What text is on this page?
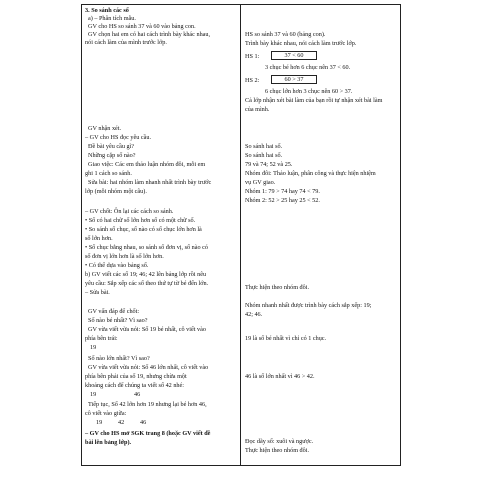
3. So sánh các số
a) – Phân tích mẫu.
GV cho HS so sánh 37 và 60 vào bảng con.
GV chọn hai em có hai cách trình bày khác nhau,
nói cách làm của mình trước lớp.
GV nhận xét.
– GV cho HS đọc yêu cầu.
Đề bài yêu cầu gì?
Những cặp số nào?
Giao việc: Các em thảo luận nhóm đôi, mỗi em
ghi 1 cách so sánh.
Sửa bài: hai nhóm làm nhanh nhất trình bày trước
lớp (mỗi nhóm một câu).
– GV chốt: Ôn lại các cách so sánh.
• Số có hai chữ số lớn hơn số có một chữ số.
• So sánh số chục, số nào có số chục lớn hơn là
số lớn hơn.
• Số chục bằng nhau, so sánh số đơn vị, số nào có
số đơn vị lớn hơn là số lớn hơn.
• Có thể dựa vào bảng số.
b) GV viết các số 19; 46; 42 lên bảng lớp rồi nêu
yêu cầu: Sắp xếp các số theo thứ tự từ bé đến lớn.
– Sửa bài.
GV vấn đáp để chốt:
Số nào bé nhất? Vì sao?
GV vừa viết vừa nói: Số 19 bé nhất, cô viết vào
phía bên trái:
19
Số nào lớn nhất? Vì sao?
GV vừa viết vừa nói: Số 46 lớn nhất, cô viết vào
phía bên phải của số 19, nhưng chừa một
khoảng cách để chúng ta viết số 42 nhé:
19	46
Tiếp tục, Số 42 lớn hơn 19 nhưng lại bé hơn 46,
cô viết vào giữa:
19	42	46
– GV cho HS mở SGK trang 8 (hoặc GV viết đề
bài lên bảng lớp).
HS so sánh 37 và 60 (bảng con).
Trình bày khác nhau, nói cách làm trước lớp.
HS 1:	37 < 60
3 chục bé hơn 6 chục nên 37 < 60.
HS 2:	60 > 37
6 chục lớn hơn 3 chục nên 60 > 37.
Cả lớp nhận xét bài làm của bạn rồi tự nhận xét bài làm
của mình.
So sánh hai số.
So sánh hai số.
79 và 74; 52 và 25.
Nhóm đôi: Thảo luận, phân công và thực hiện nhiệm
vụ GV giao.
Nhóm 1: 79 > 74 hay 74 < 79.
Nhóm 2: 52 > 25 hay 25 < 52.
Thực hiện theo nhóm đôi.
Nhóm nhanh nhất được trình bày cách sắp xếp: 19;
42; 46.
19 là số bé nhất vì chỉ có 1 chục.
46 là số lớn nhất vì 46 > 42.
Đọc dãy số: xuôi và ngược.
Thực hiện theo nhóm đôi.
